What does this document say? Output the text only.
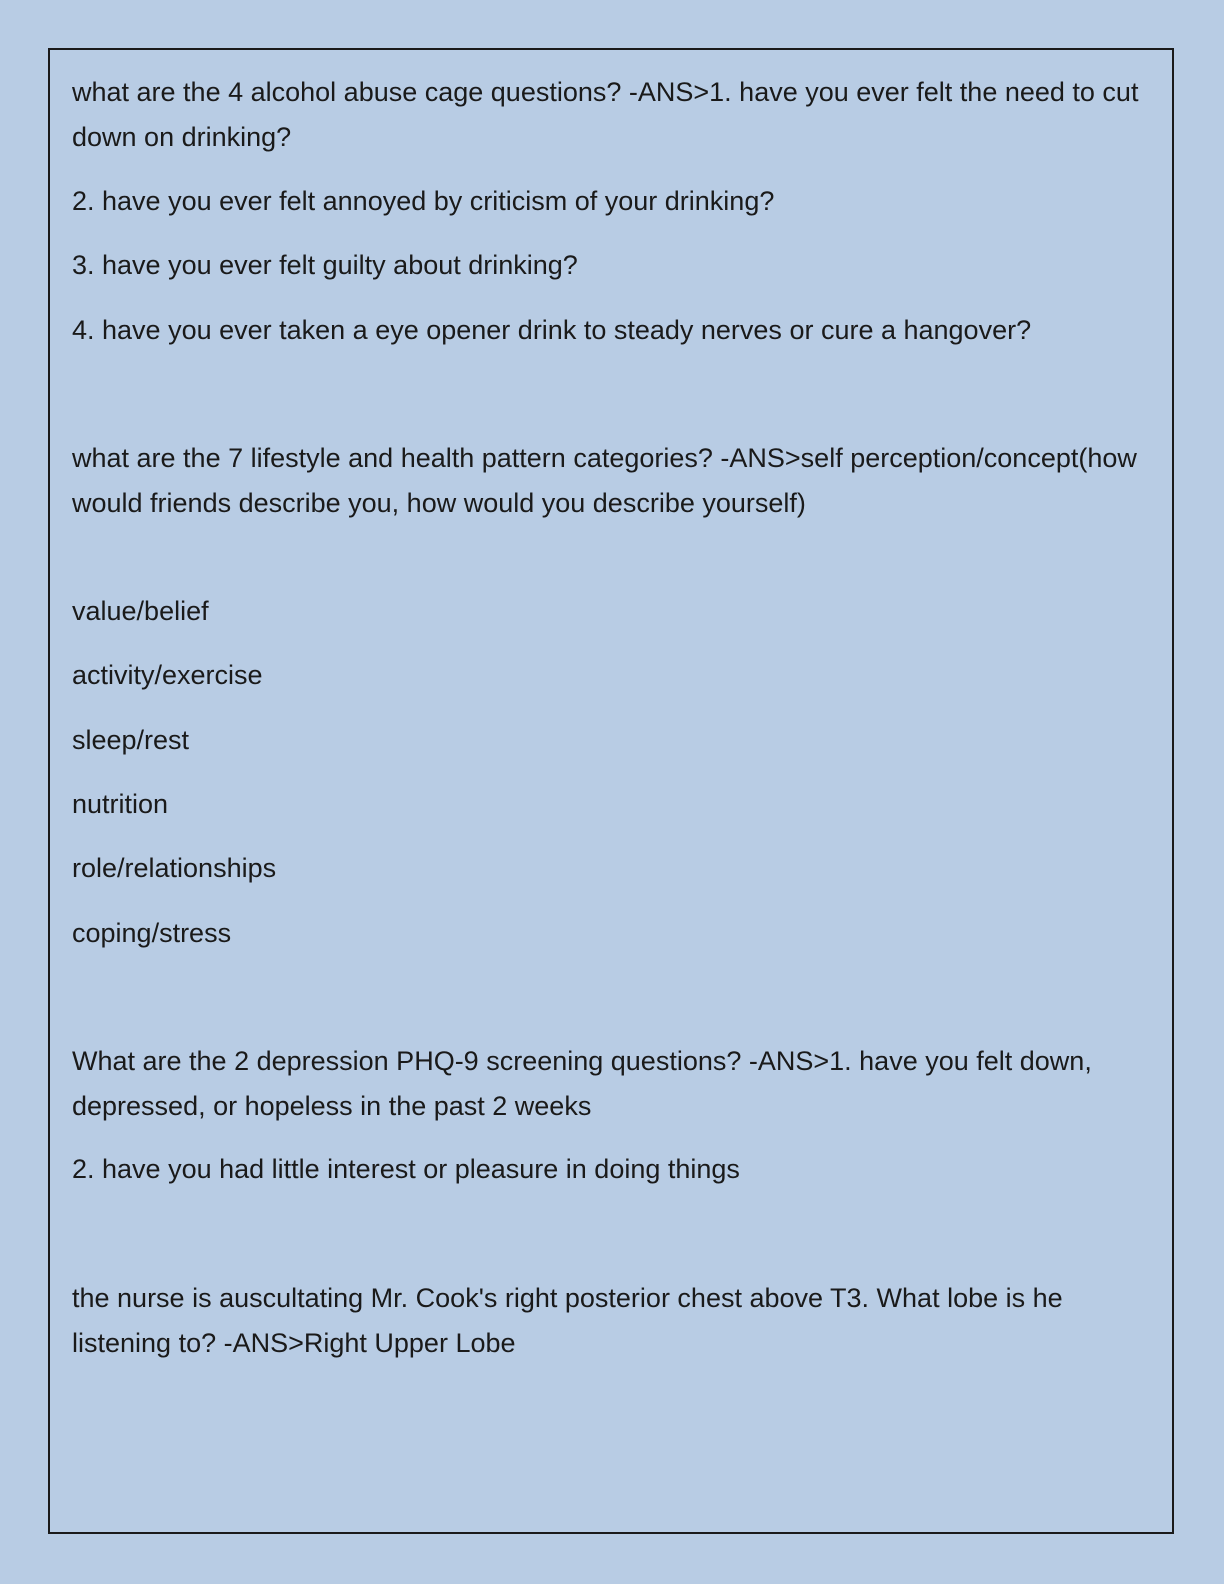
what are the 4 alcohol abuse cage questions? -ANS>1. have you ever felt the need to cut down on drinking?

2. have you ever felt annoyed by criticism of your drinking?

3. have you ever felt guilty about drinking?

4. have you ever taken a eye opener drink to steady nerves or cure a hangover?

what are the 7 lifestyle and health pattern categories? -ANS>self perception/concept(how would friends describe you, how would you describe yourself)

value/belief

activity/exercise

sleep/rest

nutrition

role/relationships

coping/stress

What are the 2 depression PHQ-9 screening questions? -ANS>1. have you felt down, depressed, or hopeless in the past 2 weeks

2. have you had little interest or pleasure in doing things

the nurse is auscultating Mr. Cook's right posterior chest above T3. What lobe is he listening to? -ANS>Right Upper Lobe
